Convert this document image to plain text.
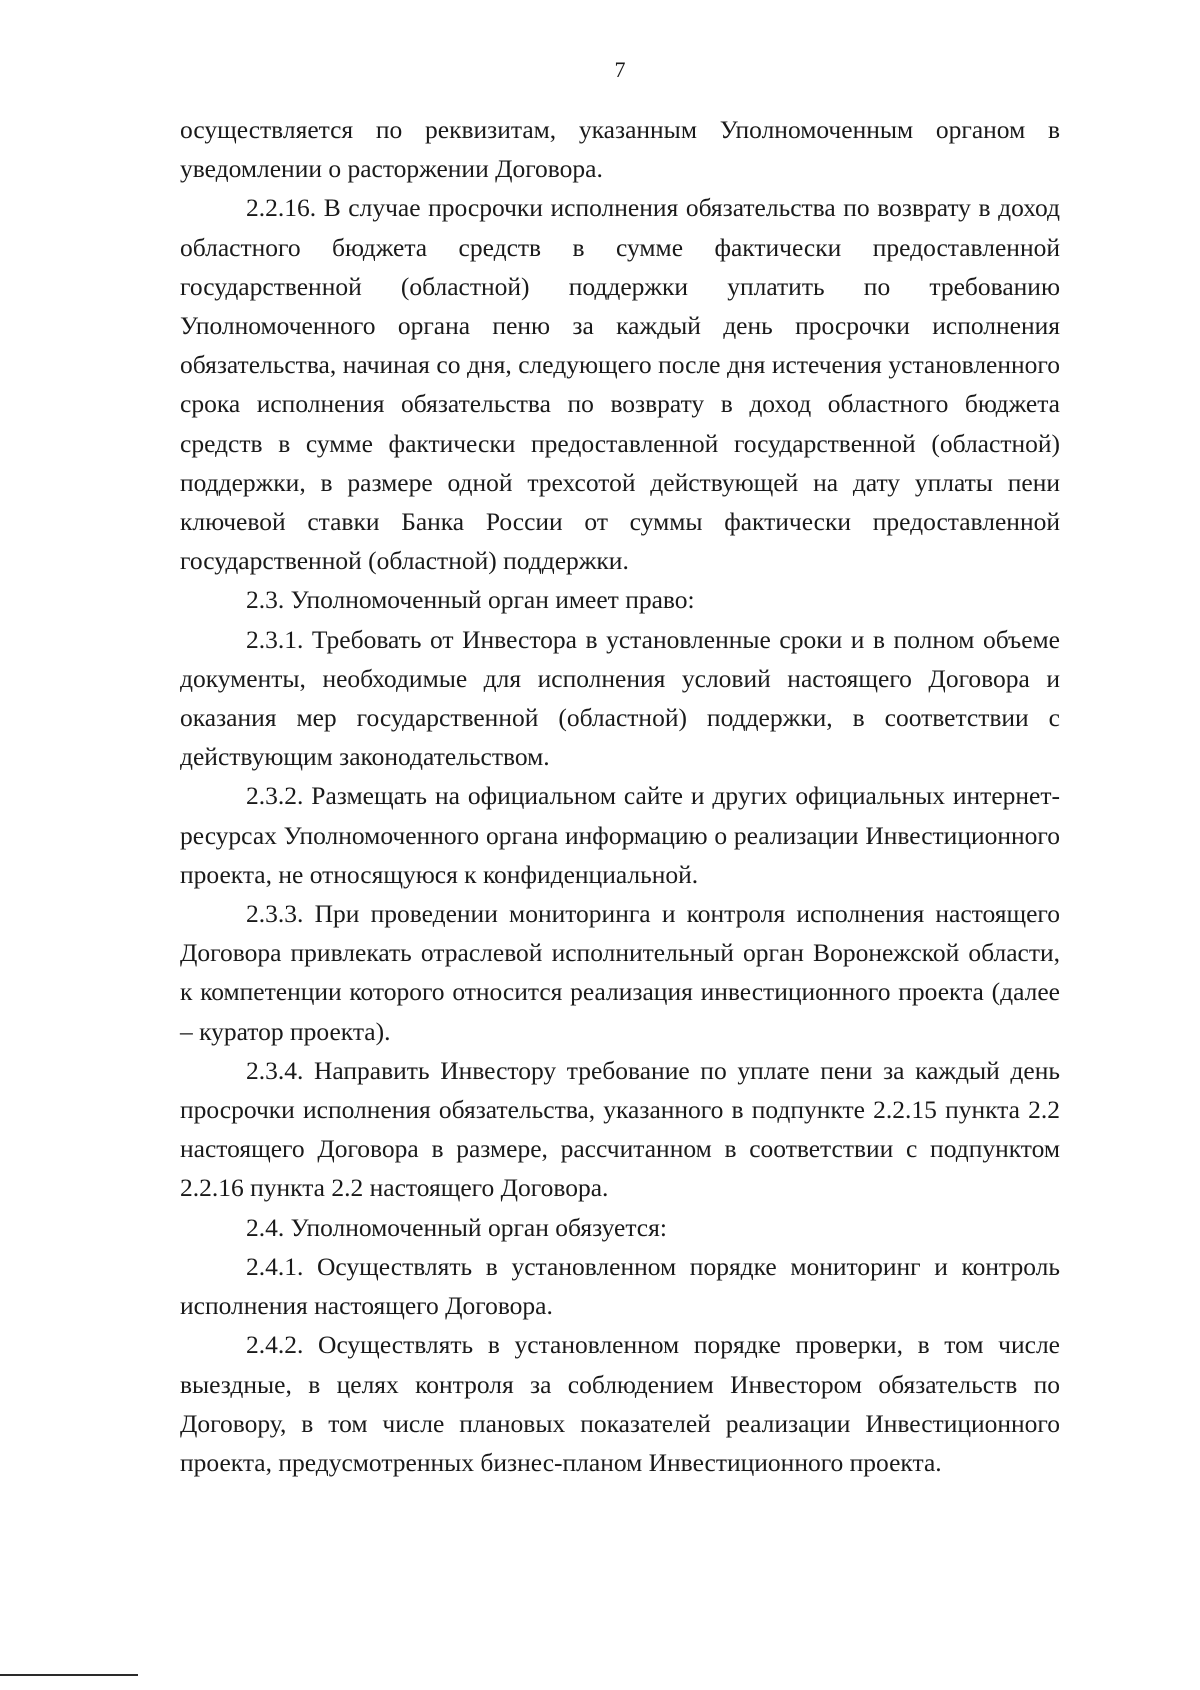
7

осуществляется по реквизитам, указанным Уполномоченным органом в уведомлении о расторжении Договора.

2.2.16. В случае просрочки исполнения обязательства по возврату в доход областного бюджета средств в сумме фактически предоставленной государственной (областной) поддержки уплатить по требованию Уполномоченного органа пеню за каждый день просрочки исполнения обязательства, начиная со дня, следующего после дня истечения установленного срока исполнения обязательства по возврату в доход областного бюджета средств в сумме фактически предоставленной государственной (областной) поддержки, в размере одной трехсотой действующей на дату уплаты пени ключевой ставки Банка России от суммы фактически предоставленной государственной (областной) поддержки.

2.3. Уполномоченный орган имеет право:

2.3.1. Требовать от Инвестора в установленные сроки и в полном объеме документы, необходимые для исполнения условий настоящего Договора и оказания мер государственной (областной) поддержки, в соответствии с действующим законодательством.

2.3.2. Размещать на официальном сайте и других официальных интернет-ресурсах Уполномоченного органа информацию о реализации Инвестиционного проекта, не относящуюся к конфиденциальной.

2.3.3. При проведении мониторинга и контроля исполнения настоящего Договора привлекать отраслевой исполнительный орган Воронежской области, к компетенции которого относится реализация инвестиционного проекта (далее – куратор проекта).

2.3.4. Направить Инвестору требование по уплате пени за каждый день просрочки исполнения обязательства, указанного в подпункте 2.2.15 пункта 2.2 настоящего Договора в размере, рассчитанном в соответствии с подпунктом 2.2.16 пункта 2.2 настоящего Договора.

2.4. Уполномоченный орган обязуется:

2.4.1. Осуществлять в установленном порядке мониторинг и контроль исполнения настоящего Договора.

2.4.2. Осуществлять в установленном порядке проверки, в том числе выездные, в целях контроля за соблюдением Инвестором обязательств по Договору, в том числе плановых показателей реализации Инвестиционного проекта, предусмотренных бизнес-планом Инвестиционного проекта.
